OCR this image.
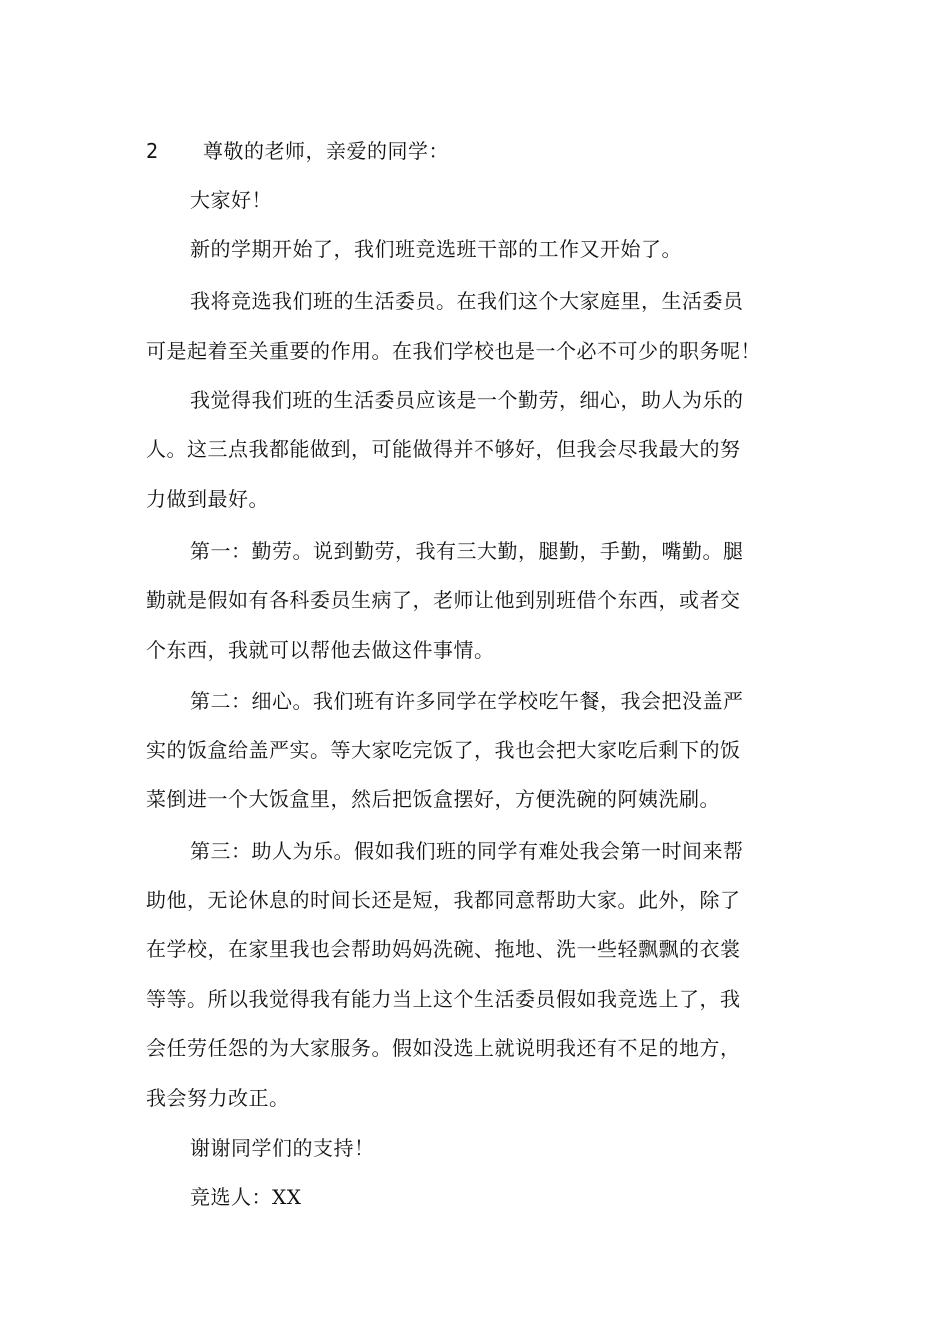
2 尊敬的老师，亲爱的同学：
大家好！
新的学期开始了，我们班竞选班干部的工作又开始了。
我将竞选我们班的生活委员。在我们这个大家庭里，生活委员
可是起着至关重要的作用。在我们学校也是一个必不可少的职务呢！
我觉得我们班的生活委员应该是一个勤劳，细心，助人为乐的
人。这三点我都能做到，可能做得并不够好，但我会尽我最大的努
力做到最好。
第一：勤劳。说到勤劳，我有三大勤，腿勤，手勤，嘴勤。腿
勤就是假如有各科委员生病了，老师让他到别班借个东西，或者交
个东西，我就可以帮他去做这件事情。
第二：细心。我们班有许多同学在学校吃午餐，我会把没盖严
实的饭盒给盖严实。等大家吃完饭了，我也会把大家吃后剩下的饭
菜倒进一个大饭盒里，然后把饭盒摆好，方便洗碗的阿姨洗刷。
第三：助人为乐。假如我们班的同学有难处我会第一时间来帮
助他，无论休息的时间长还是短，我都同意帮助大家。此外，除了
在学校，在家里我也会帮助妈妈洗碗、拖地、洗一些轻飘飘的衣裳
等等。所以我觉得我有能力当上这个生活委员假如我竞选上了，我
会任劳任怨的为大家服务。假如没选上就说明我还有不足的地方，
我会努力改正。
谢谢同学们的支持！
竞选人：XX
